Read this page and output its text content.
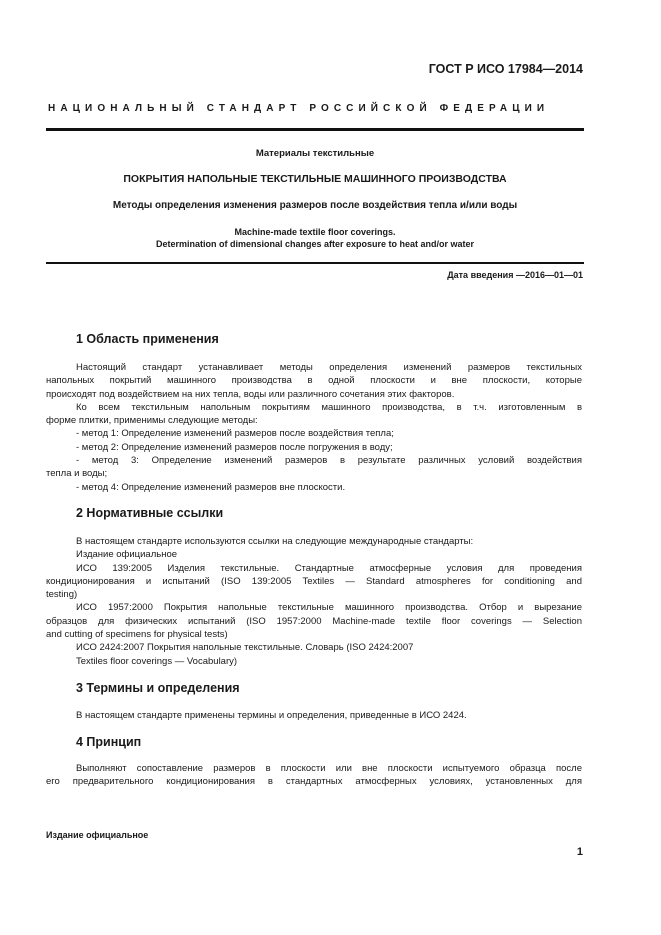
ГОСТ Р ИСО 17984—2014
НАЦИОНАЛЬНЫЙ СТАНДАРТ РОССИЙСКОЙ ФЕДЕРАЦИИ
Материалы текстильные
ПОКРЫТИЯ НАПОЛЬНЫЕ ТЕКСТИЛЬНЫЕ МАШИННОГО ПРОИЗВОДСТВА
Методы определения изменения размеров после воздействия тепла и/или воды
Machine-made textile floor coverings.
Determination of dimensional changes after exposure to heat and/or water
Дата введения —2016—01—01
1 Область применения
Настоящий стандарт устанавливает методы определения изменений размеров текстильных
напольных покрытий машинного производства в одной плоскости и вне плоскости, которые
происходят под воздействием на них тепла, воды или различного сочетания этих факторов.
Ко всем текстильным напольным покрытиям машинного производства, в т.ч. изготовленным в
форме плитки, применимы следующие методы:
- метод 1: Определение изменений размеров после воздействия тепла;
- метод 2: Определение изменений размеров после погружения в воду;
- метод 3: Определение изменений размеров в результате различных условий воздействия
тепла и воды;
- метод 4: Определение изменений размеров вне плоскости.
2 Нормативные ссылки
В настоящем стандарте используются ссылки на следующие международные стандарты:
Издание официальное
ИСО 139:2005 Изделия текстильные. Стандартные атмосферные условия для проведения
кондиционирования и испытаний (ISO 139:2005 Textiles — Standard atmospheres for conditioning and
testing)
ИСО 1957:2000 Покрытия напольные текстильные машинного производства. Отбор и вырезание
образцов для физических испытаний (ISO 1957:2000 Machine-made textile floor coverings — Selection
and cutting of specimens for physical tests)
ИСО 2424:2007 Покрытия напольные текстильные. Словарь (ISO 2424:2007
Textiles floor coverings — Vocabulary)
3 Термины и определения
В настоящем стандарте применены термины и определения, приведенные в ИСО 2424.
4 Принцип
Выполняют сопоставление размеров в плоскости или вне плоскости испытуемого образца после
его предварительного кондиционирования в стандартных атмосферных условиях, установленных для
Издание официальное
1
